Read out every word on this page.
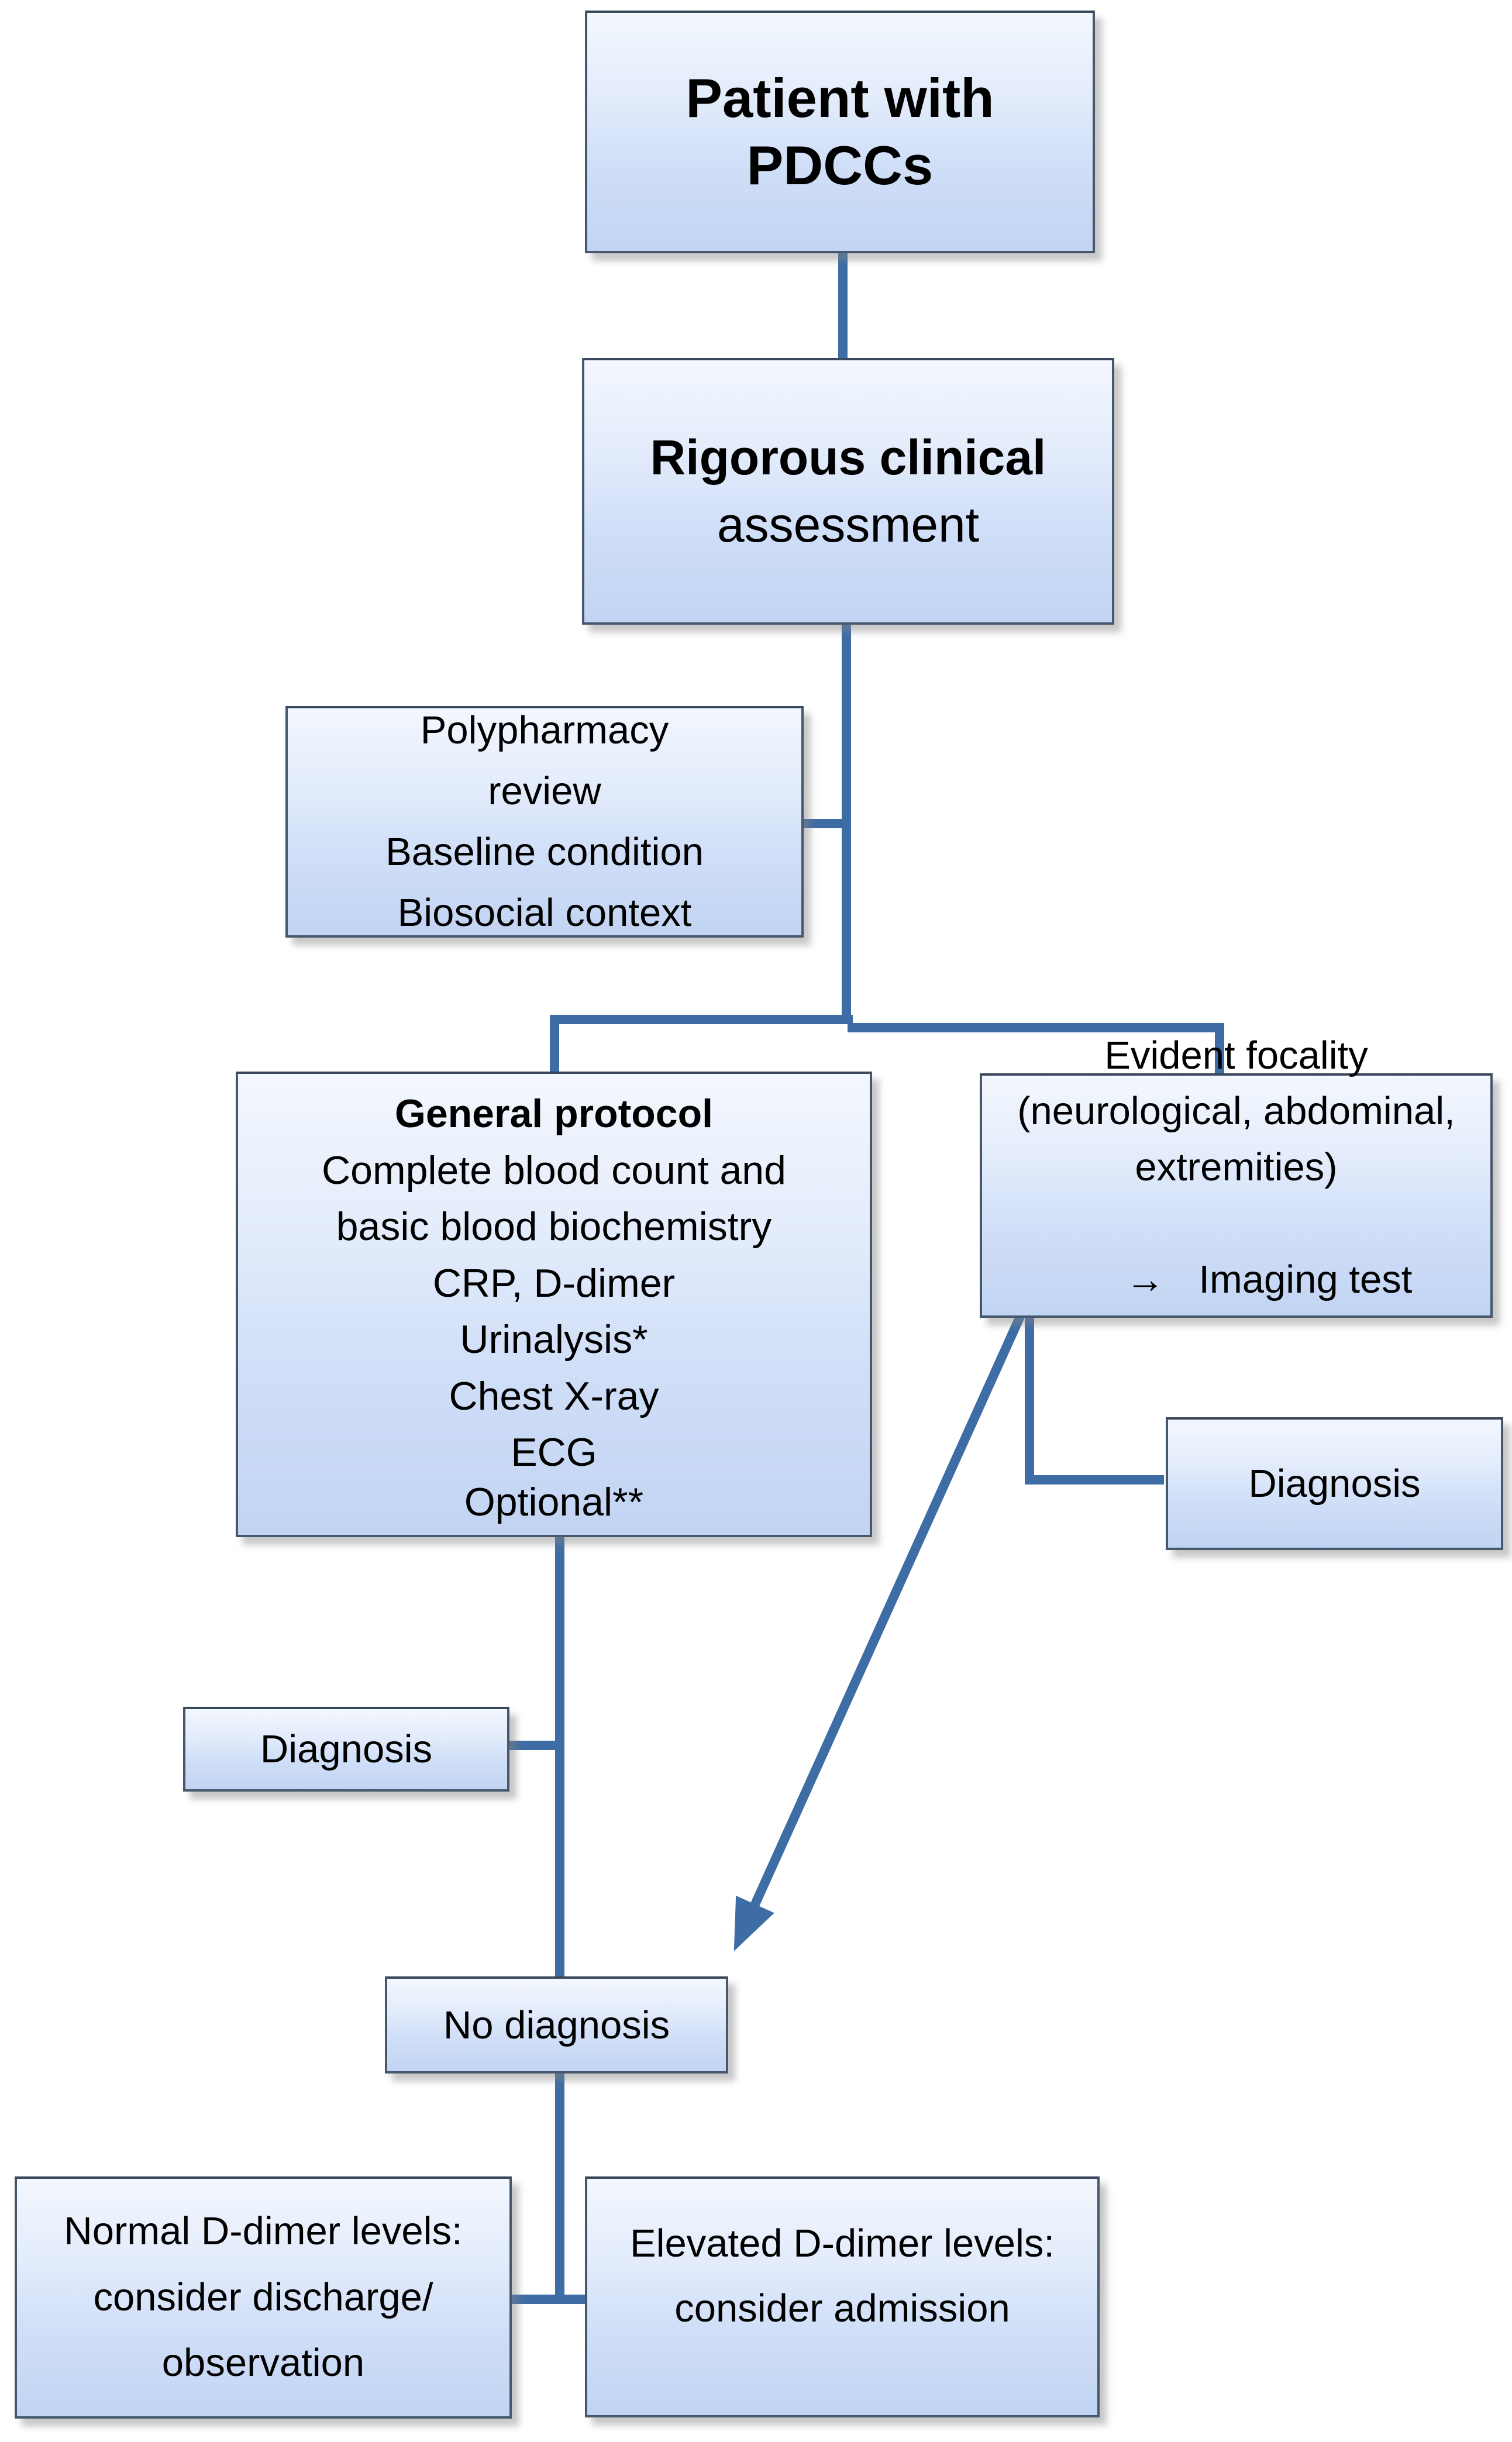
Patient with
PDCCs
Rigorous clinical
assessment
Polypharmacy
review
Baseline condition
Biosocial context
General protocol
Complete blood count and
basic blood biochemistry
CRP, D-dimer
Urinalysis*
Chest X-ray
ECG
Optional**
Evident focality
(neurological, abdominal,
extremities)

→ Imaging test

Diagnosis
Diagnosis
No diagnosis
Normal D-dimer levels:
consider discharge/
observation
Elevated D-dimer levels:
consider admission
